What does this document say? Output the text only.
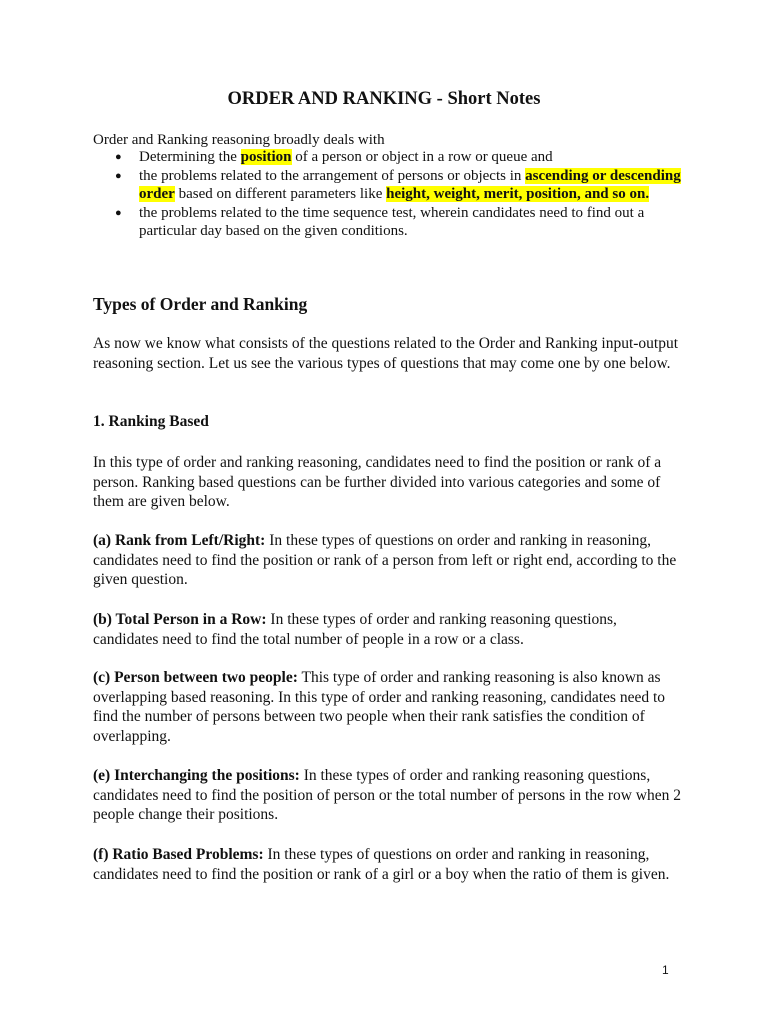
ORDER AND RANKING - Short Notes

Order and Ranking reasoning broadly deals with

● Determining the position of a person or object in a row or queue and
● the problems related to the arrangement of persons or objects in ascending or descending order based on different parameters like height, weight, merit, position, and so on.
● the problems related to the time sequence test, wherein candidates need to find out a particular day based on the given conditions.
Types of Order and Ranking

As now we know what consists of the questions related to the Order and Ranking input-output reasoning section. Let us see the various types of questions that may come one by one below.

1. Ranking Based

In this type of order and ranking reasoning, candidates need to find the position or rank of a person. Ranking based questions can be further divided into various categories and some of them are given below.

(a) Rank from Left/Right: In these types of questions on order and ranking in reasoning, candidates need to find the position or rank of a person from left or right end, according to the given question.

(b) Total Person in a Row: In these types of order and ranking reasoning questions, candidates need to find the total number of people in a row or a class.

(c) Person between two people: This type of order and ranking reasoning is also known as overlapping based reasoning. In this type of order and ranking reasoning, candidates need to find the number of persons between two people when their rank satisfies the condition of overlapping.

(e) Interchanging the positions: In these types of order and ranking reasoning questions, candidates need to find the position of person or the total number of persons in the row when 2 people change their positions.

(f) Ratio Based Problems: In these types of questions on order and ranking in reasoning, candidates need to find the position or rank of a girl or a boy when the ratio of them is given.

1
